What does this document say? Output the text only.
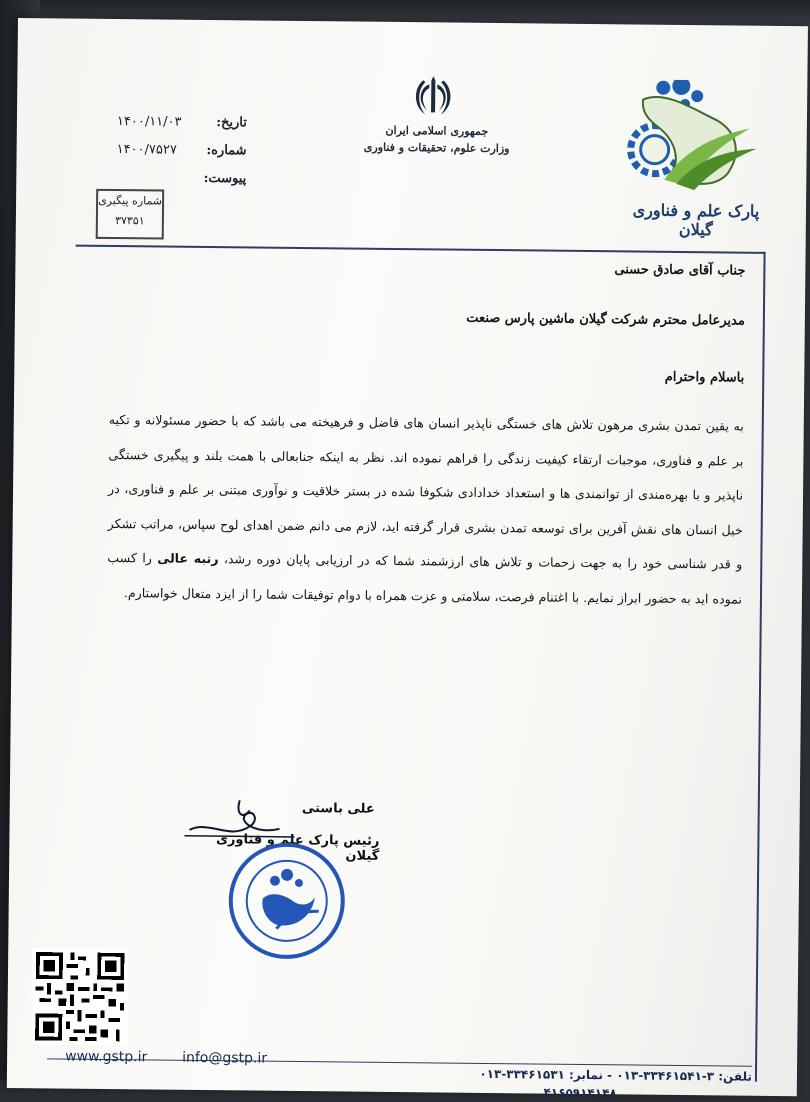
پارک علم و فناوری گیلان
جمهوری اسلامی ایران
وزارت علوم، تحقیقات و فناوری
تاریخ:
۱۴۰۰/۱۱/۰۳
شماره:
۱۴۰۰/۷۵۲۷
پیوست:
شماره پیگیری
۳۷۳۵۱
جناب آقای صادق حسنی
مدیرعامل محترم شرکت گیلان ماشین پارس صنعت
باسلام واحترام
به یقین تمدن بشری مرهون تلاش های خستگی ناپذیر انسان های فاضل و فرهیخته می باشد که با حضور مسئولانه و تکیه بر علم و فناوری، موجبات ارتقاء کیفیت زندگی را فراهم نموده اند. نظر به اینکه جنابعالی با همت بلند و پیگیری خستگی ناپذیر و با بهره‌مندی از توانمندی ها و استعداد خدادادی شکوفا شده در بستر خلاقیت و نوآوری مبتنی بر علم و فناوری، در خیل انسان های نقش آفرین برای توسعه تمدن بشری قرار گرفته اید، لازم می دانم ضمن اهدای لوح سپاس، مراتب تشکر و قدر شناسی خود را به جهت زحمات و تلاش های ارزشمند شما که در ارزیابی پایان دوره رشد، رتبه عالی را کسب نموده اید به حضور ابراز نمایم. با اغتنام فرصت، سلامتی و عزت همراه با دوام توفیقات شما را از ایزد متعال خواستارم.
علی باستی
رئیس پارک علم و فناوری گیلان
www.gstp.ir info@gstp.ir
تلفن: ۳-۳۳۴۶۱۵۴۱-۰۱۳ - نمابر: ۳۳۴۶۱۵۳۱-۰۱۳
۴۱۶۵۹۱۴۱۴۸
